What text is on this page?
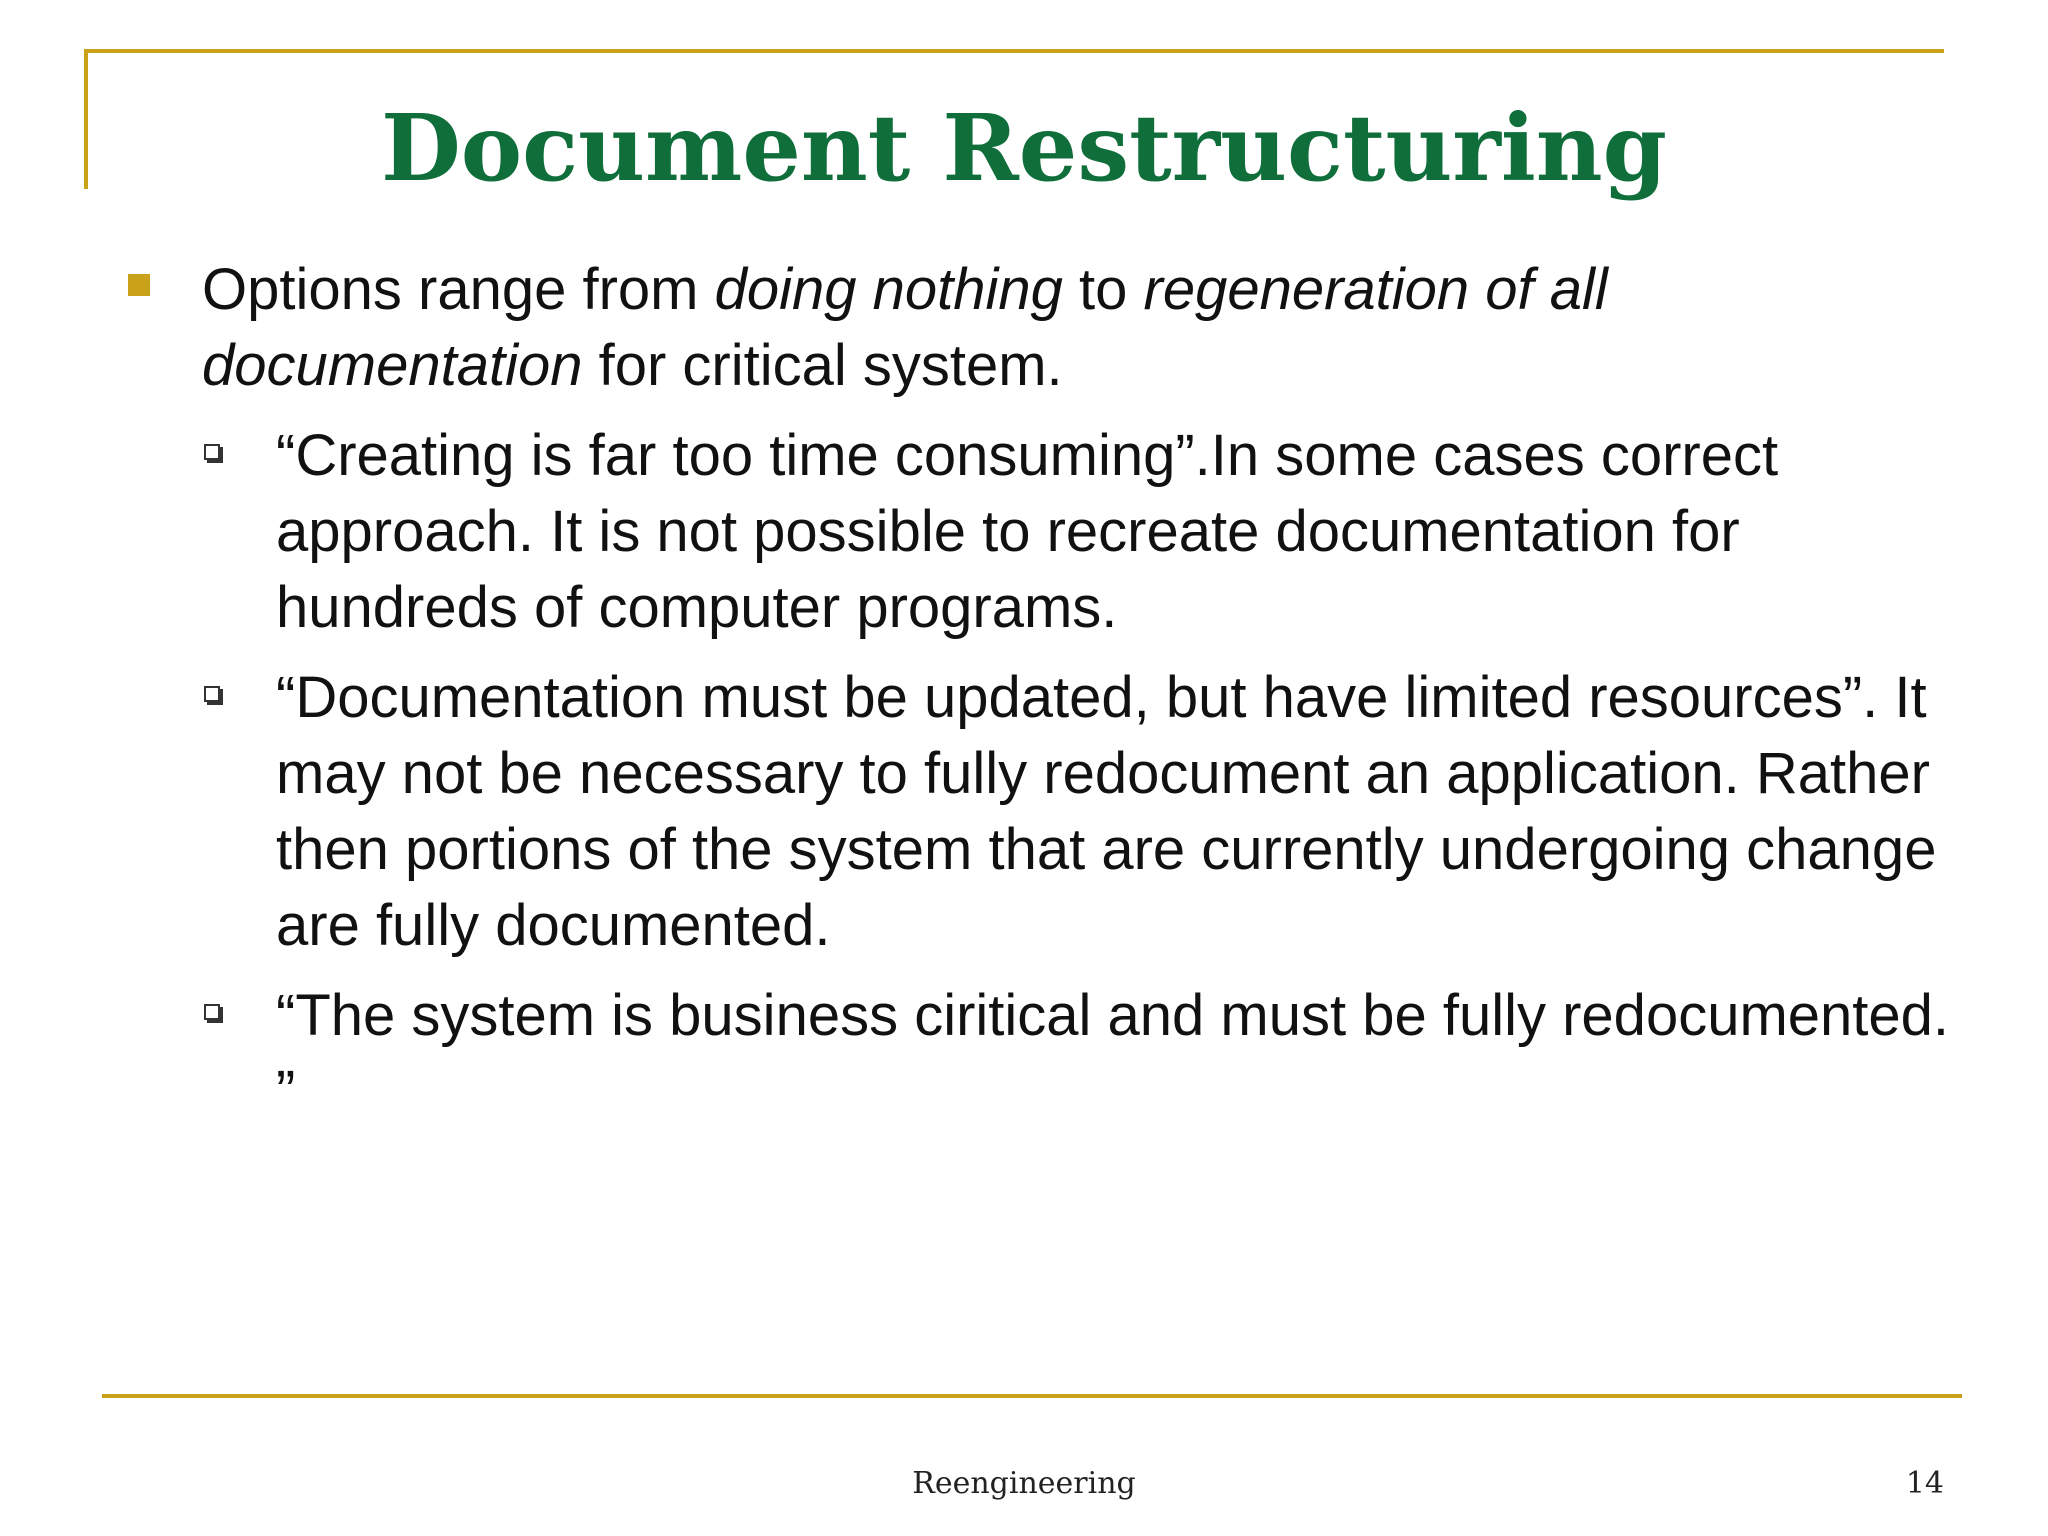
Document Restructuring

Options range from doing nothing to regeneration of all documentation for critical system.

“Creating is far too time consuming”.In some cases correct approach. It is not possible to recreate documentation for hundreds of computer programs.

“Documentation must be updated, but have limited resources”. It may not be necessary to fully redocument an application. Rather then portions of the system that are currently undergoing change are fully documented.

“The system is business ciritical and must be fully redocumented. ”

Reengineering	14
